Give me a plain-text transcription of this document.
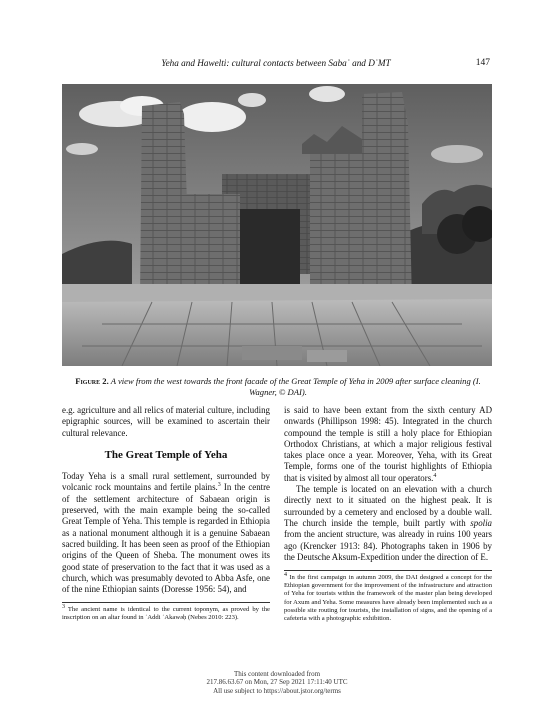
Yeha and Hawelti: cultural contacts between Sabaʾ and DʿMT	147
Figure 2. A view from the west towards the front facade of the Great Temple of Yeha in 2009 after surface cleaning (I. Wagner, © DAI).

e.g. agriculture and all relics of material culture, including epigraphic sources, will be examined to ascertain their cultural relevance.

The Great Temple of Yeha

Today Yeha is a small rural settlement, surrounded by volcanic rock mountains and fertile plains.$^3$ In the centre of the settlement architecture of Sabaean origin is preserved, with the main example being the so-called Great Temple of Yeha. This temple is regarded in Ethiopia as a national monument although it is a genuine Sabaean sacred building. It has been seen as proof of the Ethiopian origins of the Queen of Sheba. The monument owes its good state of preservation to the fact that it was used as a church, which was presumably devoted to Abba Asfe, one of the nine Ethiopian saints (Doresse 1956: 54), and

is said to have been extant from the sixth century AD onwards (Phillipson 1998: 45). Integrated in the church compound the temple is still a holy place for Ethiopian Orthodox Christians, at which a major religious festival takes place once a year. Moreover, Yeha, with its Great Temple, forms one of the tourist highlights of Ethiopia that is visited by almost all tour operators.$^4$

The temple is located on an elevation with a church directly next to it situated on the highest peak. It is surrounded by a cemetery and enclosed by a double wall. The church inside the temple, built partly with spolia from the ancient structure, was already in ruins 100 years ago (Krencker 1913: 84). Photographs taken in 1906 by the Deutsche Aksum-Expedition under the direction of E.

$^3$ The ancient name is identical to the current toponym, as proved by the inscription on an altar found in ʿAddi ʿAkawəḥ (Nebes 2010: 223).

$^4$ In the first campaign in autumn 2009, the DAI designed a concept for the Ethiopian government for the improvement of the infrastructure and attraction of Yeha for tourists within the framework of the master plan being developed for Axum and Yeha. Some measures have already been implemented such as a possible site routing for tourists, the installation of signs, and the opening of a cafeteria with a photographic exhibition.

This content downloaded from
217.86.63.67 on Mon, 27 Sep 2021 17:11:40 UTC
All use subject to https://about.jstor.org/terms
